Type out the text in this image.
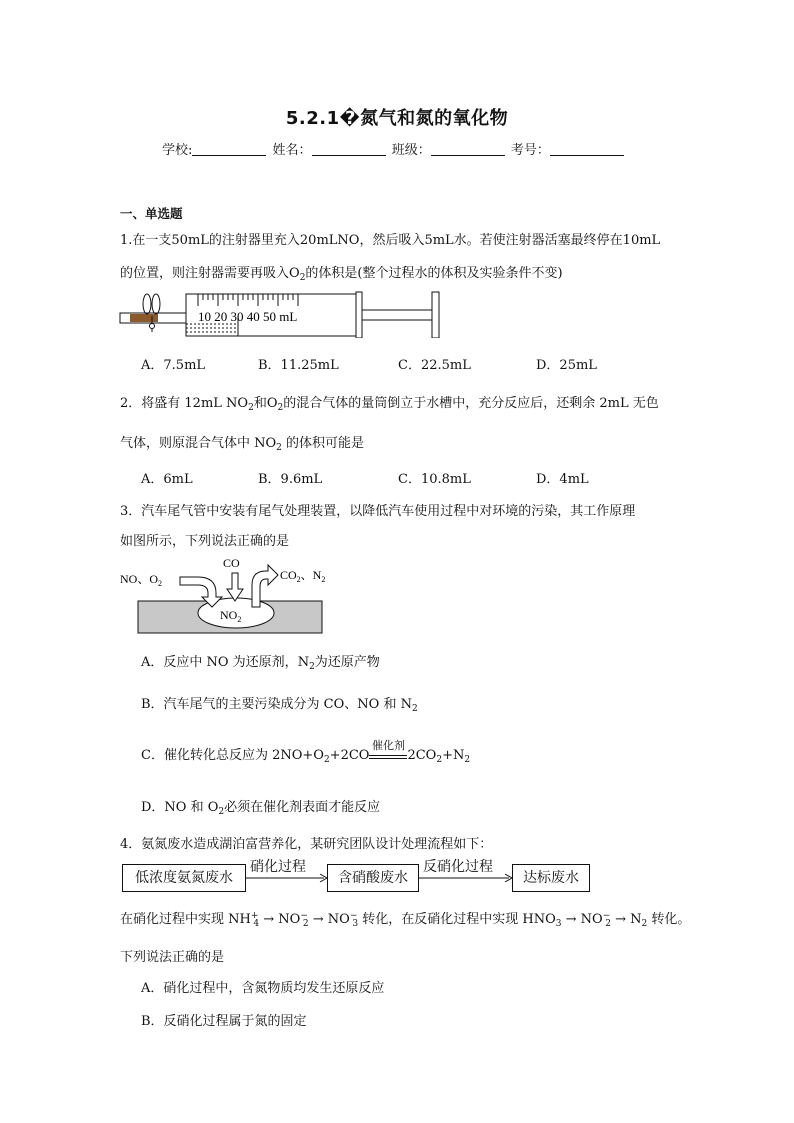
5.2.1�氮气和氮的氧化物
学校:	姓名：	班级：	考号：
一、单选题
1.在一支50mL的注射器里充入20mLNO，然后吸入5mL水。若使注射器活塞最终停在10mL
的位置，则注射器需要再吸入$O_2$的体积是(整个过程水的体积及实验条件不变)
10 20 30 40 50 mL
A．7.5mL	B．11.25mL	C．22.5mL	D．25mL
2．将盛有 12mL $NO_2$和$O_2$的混合气体的量筒倒立于水槽中，充分反应后，还剩余 2mL 无色
气体，则原混合气体中 $NO_2$ 的体积可能是
A．6mL	B．9.6mL	C．10.8mL	D．4mL
3．汽车尾气管中安装有尾气处理装置，以降低汽车使用过程中对环境的污染，其工作原理
如图所示，下列说法正确的是
NO、$O_2$
CO
$CO_2$、$N_2$
$NO_2$
A．反应中 NO 为还原剂，$N_2$为还原产物
B．汽车尾气的主要污染成分为 CO、NO 和 $N_2$
C．催化转化总反应为 $2NO+O_2+2CO$
催化剂
$2CO_2+N_2$
D．NO 和 $O_2$必须在催化剂表面才能反应
4．氨氮废水造成湖泊富营养化，某研究团队设计处理流程如下：
低浓度氨氮废水	含硝酸废水	达标废水
硝化过程	反硝化过程
在硝化过程中实现 $NH^+_4 \to NO^-_2 \to NO^-_3$ 转化，在反硝化过程中实现 $HNO_3 \to NO^-_2 \to N_2$ 转化。
下列说法正确的是
A．硝化过程中，含氮物质均发生还原反应
B．反硝化过程属于氮的固定
